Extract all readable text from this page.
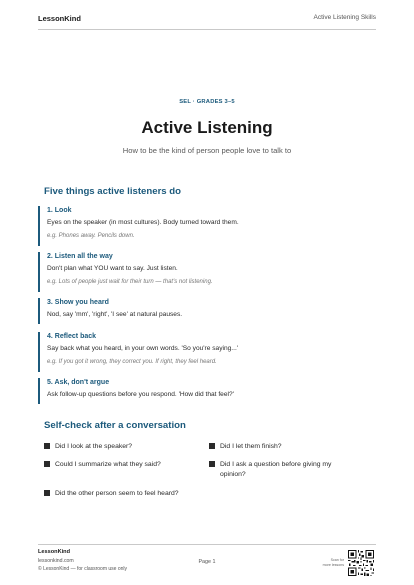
LessonKind	Active Listening Skills
SEL · GRADES 3–5
Active Listening
How to be the kind of person people love to talk to
Five things active listeners do
1. Look
Eyes on the speaker (in most cultures). Body turned toward them.
e.g. Phones away. Pencils down.
2. Listen all the way
Don't plan what YOU want to say. Just listen.
e.g. Lots of people just wait for their turn — that's not listening.
3. Show you heard
Nod, say 'mm', 'right', 'I see' at natural pauses.
4. Reflect back
Say back what you heard, in your own words. 'So you're saying...'
e.g. If you got it wrong, they correct you. If right, they feel heard.
5. Ask, don't argue
Ask follow-up questions before you respond. 'How did that feel?'
Self-check after a conversation
Did I look at the speaker?	Did I let them finish?
Could I summarize what they said?	Did I ask a question before giving my
opinion?
Did the other person seem to feel heard?
LessonKind
lessonkind.com
© LessonKind — for classroom use only
Page 1	Scan for
more lessons
